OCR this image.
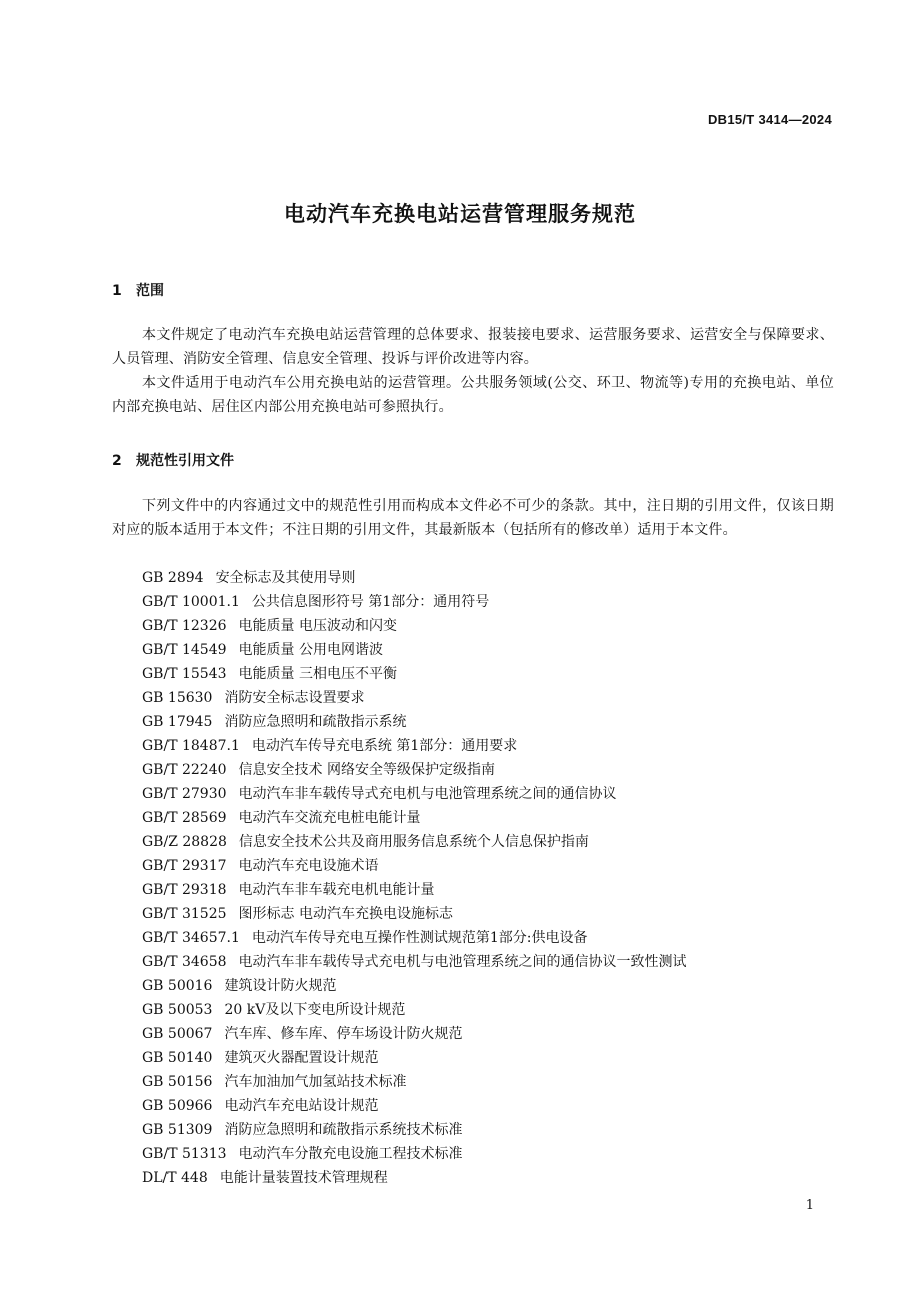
DB15/T 3414—2024
电动汽车充换电站运营管理服务规范
1 范围

本文件规定了电动汽车充换电站运营管理的总体要求、报装接电要求、运营服务要求、运营安全与保障要求、人员管理、消防安全管理、信息安全管理、投诉与评价改进等内容。

本文件适用于电动汽车公用充换电站的运营管理。公共服务领域(公交、环卫、物流等)专用的充换电站、单位内部充换电站、居住区内部公用充换电站可参照执行。

2 规范性引用文件

下列文件中的内容通过文中的规范性引用而构成本文件必不可少的条款。其中，注日期的引用文件，仅该日期对应的版本适用于本文件；不注日期的引用文件，其最新版本（包括所有的修改单）适用于本文件。

GB 2894 安全标志及其使用导则
GB/T 10001.1 公共信息图形符号 第1部分：通用符号
GB/T 12326 电能质量 电压波动和闪变
GB/T 14549 电能质量 公用电网谐波
GB/T 15543 电能质量 三相电压不平衡
GB 15630 消防安全标志设置要求
GB 17945 消防应急照明和疏散指示系统
GB/T 18487.1 电动汽车传导充电系统 第1部分：通用要求
GB/T 22240 信息安全技术 网络安全等级保护定级指南
GB/T 27930 电动汽车非车载传导式充电机与电池管理系统之间的通信协议
GB/T 28569 电动汽车交流充电桩电能计量
GB/Z 28828 信息安全技术公共及商用服务信息系统个人信息保护指南
GB/T 29317 电动汽车充电设施术语
GB/T 29318 电动汽车非车载充电机电能计量
GB/T 31525 图形标志 电动汽车充换电设施标志
GB/T 34657.1 电动汽车传导充电互操作性测试规范第1部分:供电设备
GB/T 34658 电动汽车非车载传导式充电机与电池管理系统之间的通信协议一致性测试
GB 50016 建筑设计防火规范
GB 50053 20 kV及以下变电所设计规范
GB 50067 汽车库、修车库、停车场设计防火规范
GB 50140 建筑灭火器配置设计规范
GB 50156 汽车加油加气加氢站技术标准
GB 50966 电动汽车充电站设计规范
GB 51309 消防应急照明和疏散指示系统技术标准
GB/T 51313 电动汽车分散充电设施工程技术标准
DL/T 448 电能计量装置技术管理规程
1
